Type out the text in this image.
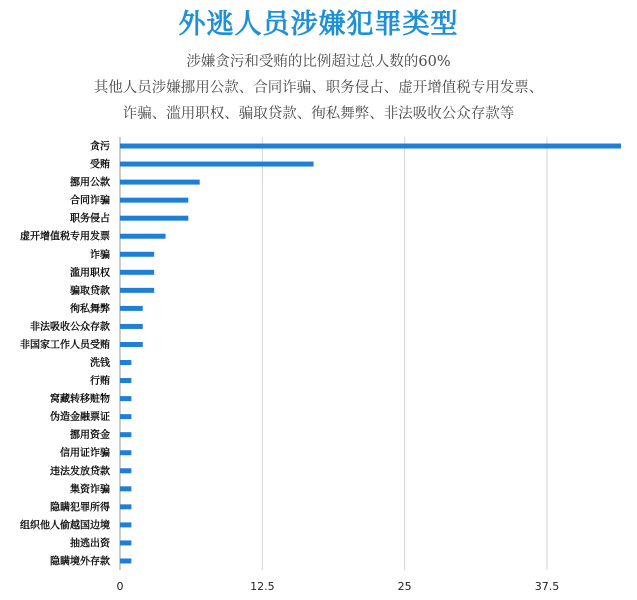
外逃人员涉嫌犯罪类型
涉嫌贪污和受贿的比例超过总人数的60%
其他人员涉嫌挪用公款、合同诈骗、职务侵占、虚开增值税专用发票、
诈骗、滥用职权、骗取贷款、徇私舞弊、非法吸收公众存款等
贪污
受贿
挪用公款
合同诈骗
职务侵占
虚开增值税专用发票
诈骗
滥用职权
骗取贷款
徇私舞弊
非法吸收公众存款
非国家工作人员受贿
洗钱
行贿
窝藏转移赃物
伪造金融票证
挪用资金
信用证诈骗
违法发放贷款
集资诈骗
隐瞒犯罪所得
组织他人偷越国边境
抽逃出资
隐瞒境外存款
0	12.5	25	37.5
